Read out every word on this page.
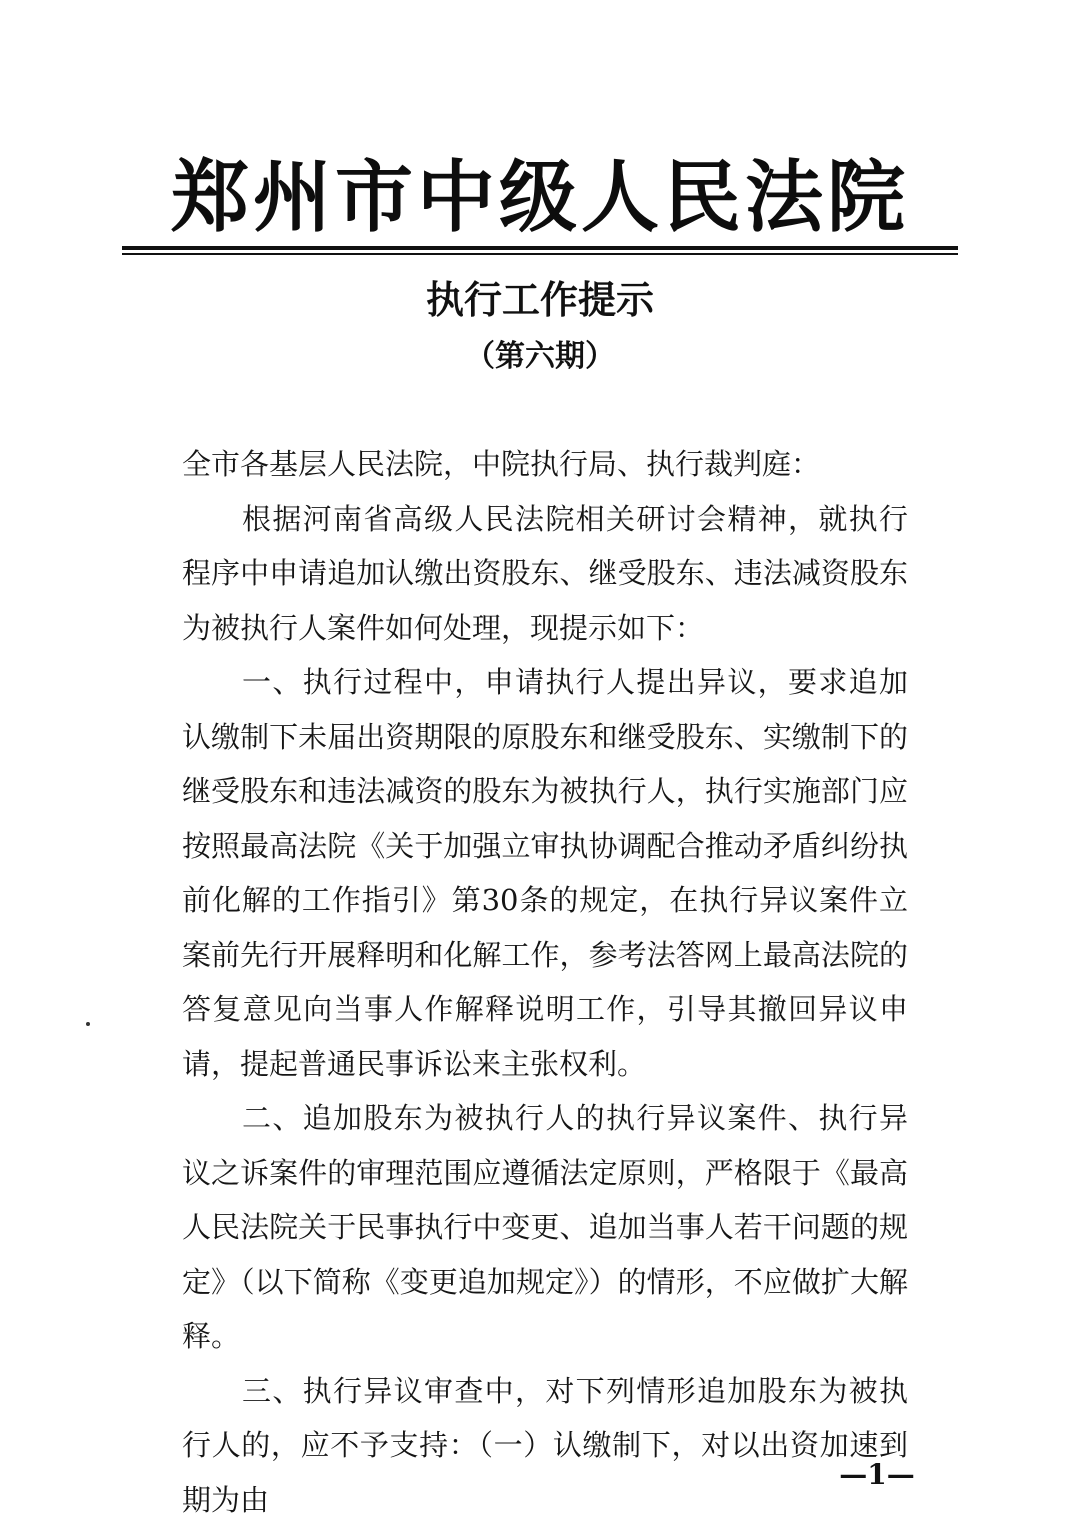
郑州市中级人民法院
执行工作提示
（第六期）

全市各基层人民法院，中院执行局、执行裁判庭：

根据河南省高级人民法院相关研讨会精神，就执行程序中申请追加认缴出资股东、继受股东、违法减资股东为被执行人案件如何处理，现提示如下：

一、执行过程中，申请执行人提出异议，要求追加认缴制下未届出资期限的原股东和继受股东、实缴制下的继受股东和违法减资的股东为被执行人，执行实施部门应按照最高法院《关于加强立审执协调配合推动矛盾纠纷执前化解的工作指引》第30条的规定，在执行异议案件立案前先行开展释明和化解工作，参考法答网上最高法院的答复意见向当事人作解释说明工作，引导其撤回异议申请，提起普通民事诉讼来主张权利。

二、追加股东为被执行人的执行异议案件、执行异议之诉案件的审理范围应遵循法定原则，严格限于《最高人民法院关于民事执行中变更、追加当事人若干问题的规定》（以下简称《变更追加规定》）的情形，不应做扩大解释。

三、执行异议审查中，对下列情形追加股东为被执行人的，应不予支持：（一）认缴制下，对以出资加速到期为由

—1—
